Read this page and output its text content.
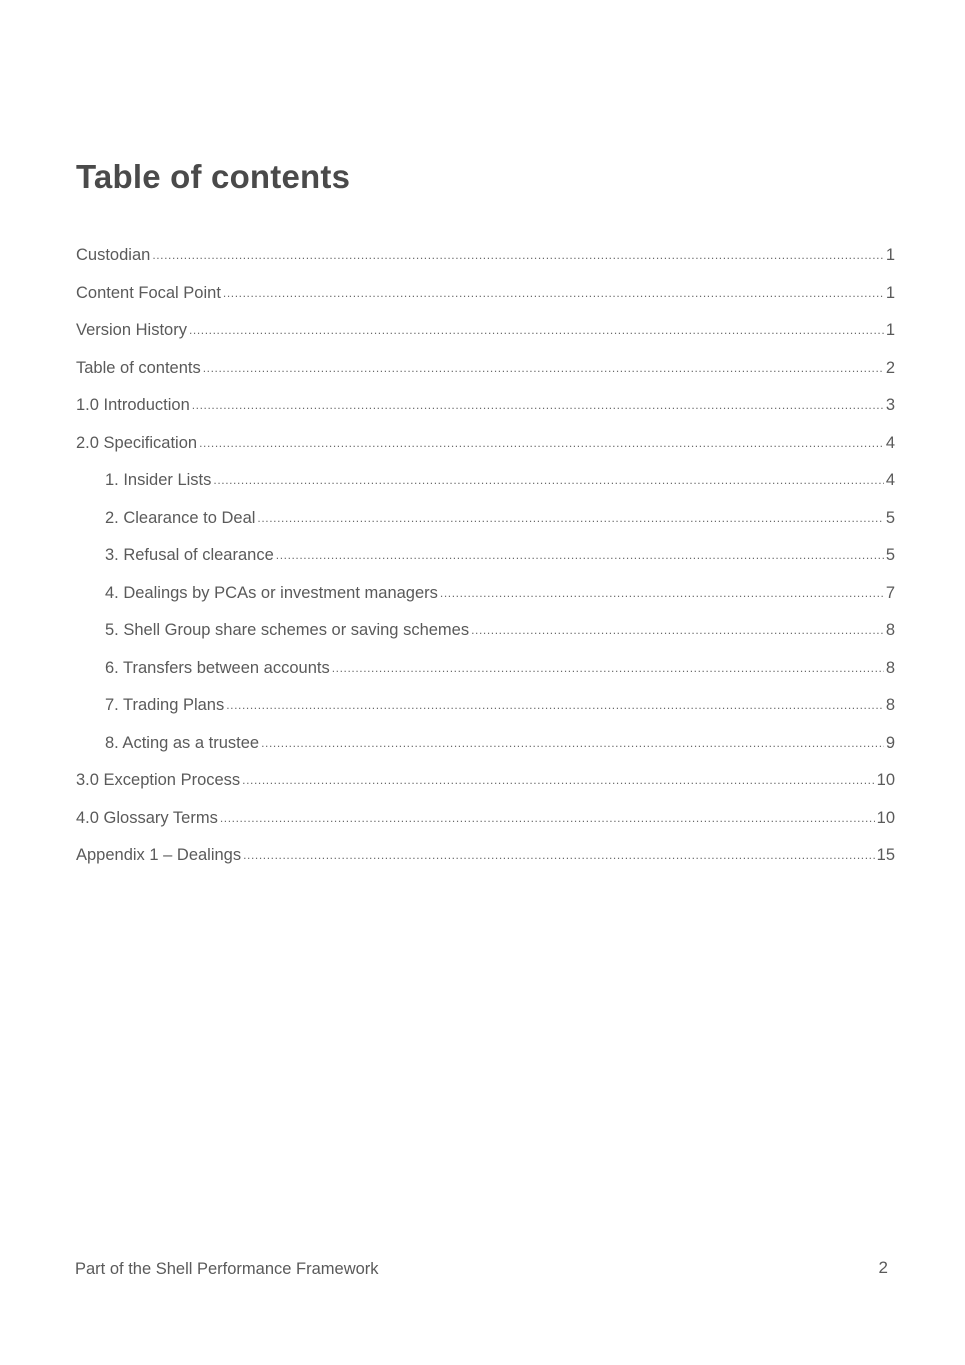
Table of contents
Custodian .....	1
Content Focal Point .....	1
Version History .....	1
Table of contents .....	2
1.0 Introduction .....	3
2.0 Specification .....	4
1. Insider Lists .....	4
2. Clearance to Deal .....	5
3. Refusal of clearance .....	5
4. Dealings by PCAs or investment managers .....	7
5. Shell Group share schemes or saving schemes .....	8
6. Transfers between accounts .....	8
7. Trading Plans .....	8
8. Acting as a trustee .....	9
3.0 Exception Process .....	10
4.0 Glossary Terms .....	10
Appendix 1 – Dealings .....	15
Part of the Shell Performance Framework	2
